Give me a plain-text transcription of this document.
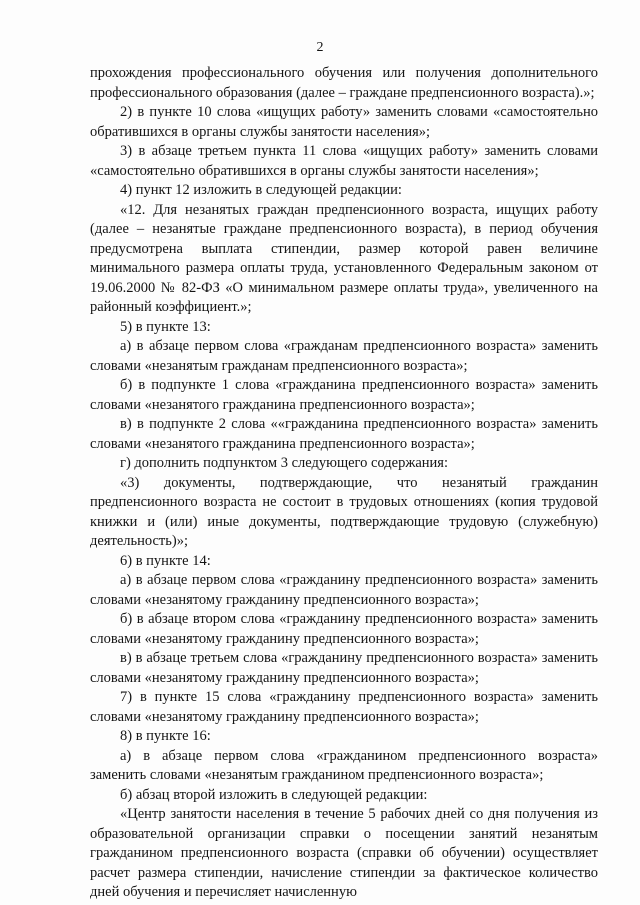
2

прохождения профессионального обучения или получения дополнительного профессионального образования (далее – граждане предпенсионного возраста).»;

2) в пункте 10 слова «ищущих работу» заменить словами «самостоятельно обратившихся в органы службы занятости населения»;

3) в абзаце третьем пункта 11 слова «ищущих работу» заменить словами «самостоятельно обратившихся в органы службы занятости населения»;

4) пункт 12 изложить в следующей редакции:

«12. Для незанятых граждан предпенсионного возраста, ищущих работу (далее – незанятые граждане предпенсионного возраста), в период обучения предусмотрена выплата стипендии, размер которой равен величине минимального размера оплаты труда, установленного Федеральным законом от 19.06.2000 № 82-ФЗ «О минимальном размере оплаты труда», увеличенного на районный коэффициент.»;

5) в пункте 13:

а) в абзаце первом слова «гражданам предпенсионного возраста» заменить словами «незанятым гражданам предпенсионного возраста»;

б) в подпункте 1 слова «гражданина предпенсионного возраста» заменить словами «незанятого гражданина предпенсионного возраста»;

в) в подпункте 2 слова ««гражданина предпенсионного возраста» заменить словами «незанятого гражданина предпенсионного возраста»;

г) дополнить подпунктом 3 следующего содержания:

«3) документы, подтверждающие, что незанятый гражданин предпенсионного возраста не состоит в трудовых отношениях (копия трудовой книжки и (или) иные документы, подтверждающие трудовую (служебную) деятельность)»;

6) в пункте 14:

а) в абзаце первом слова «гражданину предпенсионного возраста» заменить словами «незанятому гражданину предпенсионного возраста»;

б) в абзаце втором слова «гражданину предпенсионного возраста» заменить словами «незанятому гражданину предпенсионного возраста»;

в) в абзаце третьем слова «гражданину предпенсионного возраста» заменить словами «незанятому гражданину предпенсионного возраста»;

7) в пункте 15 слова «гражданину предпенсионного возраста» заменить словами «незанятому гражданину предпенсионного возраста»;

8) в пункте 16:

а) в абзаце первом слова «гражданином предпенсионного возраста» заменить словами «незанятым гражданином предпенсионного возраста»;

б) абзац второй изложить в следующей редакции:

«Центр занятости населения в течение 5 рабочих дней со дня получения из образовательной организации справки о посещении занятий незанятым гражданином предпенсионного возраста (справки об обучении) осуществляет расчет размера стипендии, начисление стипендии за фактическое количество дней обучения и перечисляет начисленную
